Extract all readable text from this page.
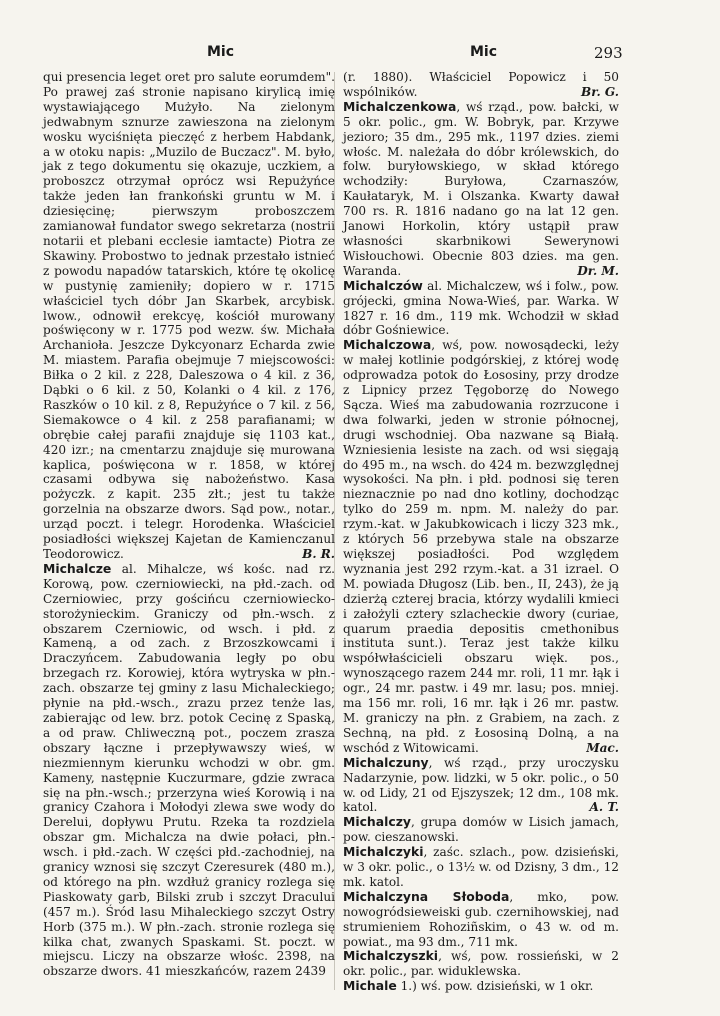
Mic	Mic	293

qui presencia leget oret pro salute eorumdem". Po prawej zaś stronie napisano kirylicą imię wystawiającego Mużyło. Na zielonym jedwabnym sznurze zawieszona na zielonym wosku wyciśnięta pieczęć z herbem Habdank, a w otoku napis: „Muzilo de Buczacz". M. było, jak z tego dokumentu się okazuje, uczkiem, a proboszcz otrzymał oprócz wsi Repużyńce także jeden łan frankoński gruntu w M. i dziesięcinę; pierwszym proboszczem zamianował fundator swego sekretarza (nostrii notarii et plebani ecclesie iamtacte) Piotra ze Skawiny. Probostwo to jednak przestało istnieć z powodu napadów tatarskich, które tę okolicę w pustynię zamieniły; dopiero w r. 1715 właściciel tych dóbr Jan Skarbek, arcybisk. lwow., odnowił erekcyę, kościół murowany poświęcony w r. 1775 pod wezw. św. Michała Archanioła. Jeszcze Dykcyonarz Echarda zwie M. miastem. Parafia obejmuje 7 miejscowości: Biłka o 2 kil. z 228, Daleszowa o 4 kil. z 36, Dąbki o 6 kil. z 50, Kolanki o 4 kil. z 176, Raszków o 10 kil. z 8, Repużyńce o 7 kil. z 56, Siemakowce o 4 kil. z 258 parafianami; w obrębie całej parafii znajduje się 1103 kat., 420 izr.; na cmentarzu znajduje się murowana kaplica, poświęcona w r. 1858, w której czasami odbywa się nabożeństwo. Kasa pożyczk. z kapit. 235 złt.; jest tu także gorzelnia na obszarze dwors. Sąd pow., notar., urząd poczt. i telegr. Horodenka. Właściciel posiadłości większej Kajetan de Kamienczanul Teodorowicz.	B. R.

Michalcze al. Mihalcze, wś kośc. nad rz. Korową, pow. czerniowiecki, na płd.-zach. od Czerniowiec, przy gościńcu czerniowiecko-storożynieckim. Graniczy od płn.-wsch. z obszarem Czerniowic, od wsch. i płd. z Kameną, a od zach. z Brzoszkowcami i Draczyńcem. Zabudowania legły po obu brzegach rz. Korowiej, która wytryska w płn.-zach. obszarze tej gminy z lasu Michaleckiego; płynie na płd.-wsch., zrazu przez tenże las, zabierając od lew. brz. potok Cecinę z Spaską, a od praw. Chliweczną pot., poczem zrasza obszary łączne i przepływawszy wieś, w niezmiennym kierunku wchodzi w obr. gm. Kameny, następnie Kuczurmare, gdzie zwraca się na płn.-wsch.; przerzyna wieś Korowią i na granicy Czahora i Mołodyi zlewa swe wody do Derelui, dopływu Prutu. Rzeka ta rozdziela obszar gm. Michalcza na dwie połaci, płn.-wsch. i płd.-zach. W części płd.-zachodniej, na granicy wznosi się szczyt Czeresurek (480 m.), od którego na płn. wzdłuż granicy rozlega się Piaskowaty garb, Bilski zrub i szczyt Dracului (457 m.). Śród lasu Mihaleckiego szczyt Ostry Horb (375 m.). W płn.-zach. stronie rozlega się kilka chat, zwanych Spaskami. St. poczt. w miejscu. Liczy na obszarze włośc. 2398, na obszarze dwors. 41 mieszkańców, razem 2439

(r. 1880). Właściciel Popowicz i 50 wspólników.	Br. G.

Michalczenkowa, wś rząd., pow. bałcki, w 5 okr. polic., gm. W. Bobryk, par. Krzywe jezioro; 35 dm., 295 mk., 1197 dzies. ziemi włośc. M. należała do dóbr królewskich, do folw. buryłowskiego, w skład którego wchodziły: Buryłowa, Czarnaszów, Kaułataryk, M. i Olszanka. Kwarty dawał 700 rs. R. 1816 nadano go na lat 12 gen. Janowi Horkolin, który ustąpił praw własności skarbnikowi Sewerynowi Wisłouchowi. Obecnie 803 dzies. ma gen. Waranda.	Dr. M.

Michalczów al. Michalczew, wś i folw., pow. grójecki, gmina Nowa-Wieś, par. Warka. W 1827 r. 16 dm., 119 mk. Wchodził w skład dóbr Gośniewice.

Michalczowa, wś, pow. nowosądecki, leży w małej kotlinie podgórskiej, z której wodę odprowadza potok do Łososiny, przy drodze z Lipnicy przez Tęgoborzę do Nowego Sącza. Wieś ma zabudowania rozrzucone i dwa folwarki, jeden w stronie północnej, drugi wschodniej. Oba nazwane są Białą. Wzniesienia lesiste na zach. od wsi sięgają do 495 m., na wsch. do 424 m. bezwzględnej wysokości. Na płn. i płd. podnosi się teren nieznacznie po nad dno kotliny, dochodząc tylko do 259 m. npm. M. należy do par. rzym.-kat. w Jakubkowicach i liczy 323 mk., z których 56 przebywa stale na obszarze większej posiadłości. Pod względem wyznania jest 292 rzym.-kat. a 31 izrael. O M. powiada Długosz (Lib. ben., II, 243), że ją dzierżą czterej bracia, którzy wydalili kmieci i założyli cztery szlacheckie dwory (curiae, quarum praedia depositis cmethonibus instituta sunt.). Teraz jest także kilku współwłaścicieli obszaru więk. pos., wynoszącego razem 244 mr. roli, 11 mr. łąk i ogr., 24 mr. pastw. i 49 mr. lasu; pos. mniej. ma 156 mr. roli, 16 mr. łąk i 26 mr. pastw. M. graniczy na płn. z Grabiem, na zach. z Sechną, na płd. z Łososiną Dolną, a na wschód z Witowicami.	Mac.

Michalczuny, wś rząd., przy uroczysku Nadarzynie, pow. lidzki, w 5 okr. polic., o 50 w. od Lidy, 21 od Ejszyszek; 12 dm., 108 mk. katol.	A. T.

Michalczy, grupa domów w Lisich jamach, pow. cieszanowski.

Michalczyki, zaśc. szlach., pow. dzisieński, w 3 okr. polic., o 13½ w. od Dzisny, 3 dm., 12 mk. katol.

Michalczyna Słoboda, mko, pow. nowogródsieweiski gub. czernihowskiej, nad strumieniem Rohoziñskim, o 43 w. od m. powiat., ma 93 dm., 711 mk.

Michalczyszki, wś, pow. rossieński, w 2 okr. polic., par. widuklewska.

Michale 1.) wś. pow. dzisieński, w 1 okr.
